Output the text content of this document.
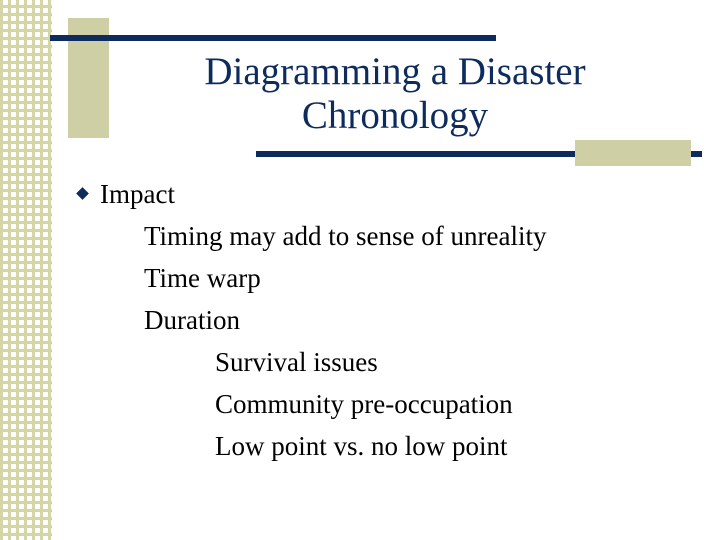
Diagramming a Disaster
Chronology
Impact
Timing may add to sense of unreality
Time warp
Duration
Survival issues
Community pre-occupation
Low point vs. no low point
